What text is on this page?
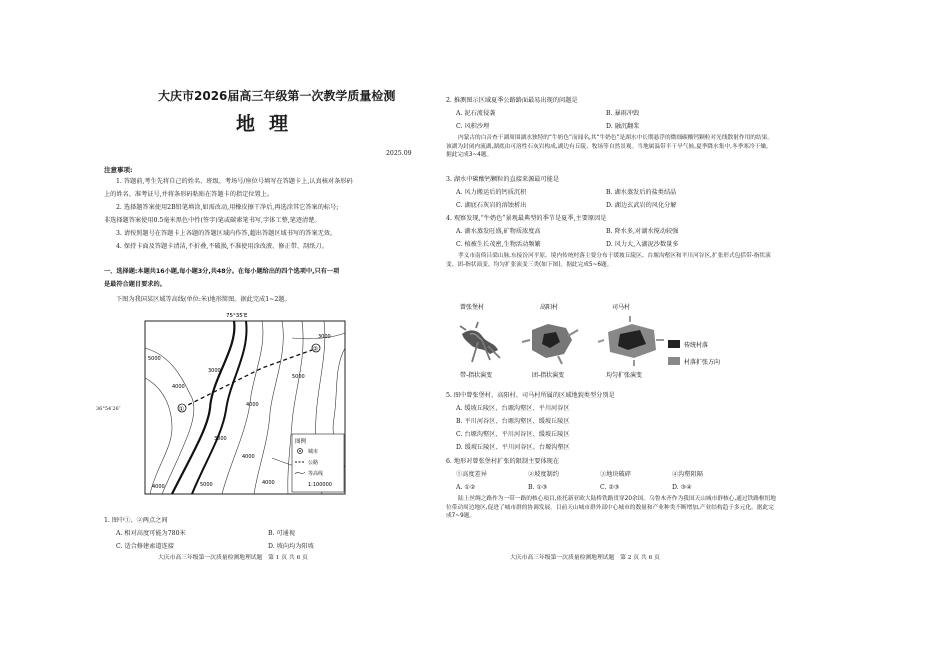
大庆市2026届高三年级第一次教学质量检测
地理
2025.09
注意事项:
1. 答题前,考生先将自己的姓名、班级、考场号/座位号填写在答题卡上,认真核对条形码
上的姓名、准考证号,并将条形码粘贴在答题卡的指定位置上。
2. 选择题答案使用2B铅笔填涂,如需改动,用橡皮擦干净后,再选涂其它答案的标号;
非选择题答案使用0.5毫米黑色中性(签字)笔或碳素笔书写,字体工整,笔迹清楚。
3. 请按照题号在答题卡上各题的答题区域内作答,超出答题区域书写的答案无效。
4. 保持卡面及答题卡清洁,不折叠,不破损,不准使用涂改液、修正带、刮纸刀。
一、选择题:本题共16小题,每小题3分,共48分。在每小题给出的四个选项中,只有一项
是最符合题目要求的。
下图为我国某区域等高线(单位:米)地形简图。据此完成1~2题。
75°35′E
①
②
5000
4000
3000
4000
5000
3000
4000
5000
4000
3000
4000
图例
城市
公路
等高线
1:100000
36°54′26″
1. 图中①、②两点之间
A. 相对高度可能为780米	B. 可通视
C. 适合修建索道连接	D. 坡向均为阳坡
大庆市高三年级第一次质量检测地理试题　第 1 页 共 6 页
2. 推测图示区域夏季公路路面最易出现的问题是
A. 泥石流侵袭	B. 暴雨冲毁
C. 风积沙埋	D. 融沉翻浆
内蒙古的白音查干湖周围湖水独特的“牛奶色”而闻名,其“牛奶色”是湖水中长期悬浮的微细碳酸钙颗粒对光线散射作用的结果。该湖为封闭内流湖,湖底由可溶性石灰岩构成,湖边有丘陵、牧场等自然景观。当地属温带半干旱气候,夏季降水集中,冬季寒冷干燥。据此完成3~4题。
3. 湖水中碳酸钙颗粒的直接来源最可能是
A. 风力搬运后的钙质沉积	B. 湖水蒸发后的盐类结晶
C. 湖底石灰岩的溶蚀析出	D. 湖边玄武岩的风化分解
4. 观察发现,“牛奶色”景观最典型的季节是夏季,主要原因是
A. 湖水蒸发旺盛,矿物质浓度高	B. 降水多,对湖水搅动较强
C. 植被生长茂密,生物活动频繁	D. 风力大,入湖泥沙数量多
孝义市南倚吕梁山脉,东接汾河平原。境内传统村落主要分布于缓坡丘陵区、台塬沟壑区和平川河谷区,扩张形式包括带-指状演变、团-指状演变、均匀扩张演变三类(如下图)。据此完成5~6题。
曾张堡村	高阳村	司马村
带-指状演变	团-指状演变	均匀扩张演变
传统村落
村落扩张方向
5. 图中曾张堡村、高阳村、司马村所属的区域地貌类型分别是
A. 缓坡丘陵区、台塬沟壑区、平川河谷区
B. 平川河谷区、台塬沟壑区、缓坡丘陵区
C. 台塬沟壑区、平川河谷区、缓坡丘陵区
D. 缓坡丘陵区、平川河谷区、台塬沟壑区
6. 地形对曾张堡村扩张的限制主要体现在
①高度差异	②坡度制约	③地块破碎	④沟壑阻隔
A. ①②	B. ①③	C. ②③	D. ③④
陆上丝绸之路作为一带一路的核心项目,依托新亚欧大陆桥铁路贯穿20余国。乌鲁木齐作为我国天山城市群核心,通过铁路枢纽地位带动周边地区,促进了城市群的协调发展。目前天山城市群外部中心城市的数量和产业种类不断增加,产业结构趋于多元化。据此完成7~9题。
大庆市高三年级第一次质量检测地理试题　第 2 页 共 6 页
